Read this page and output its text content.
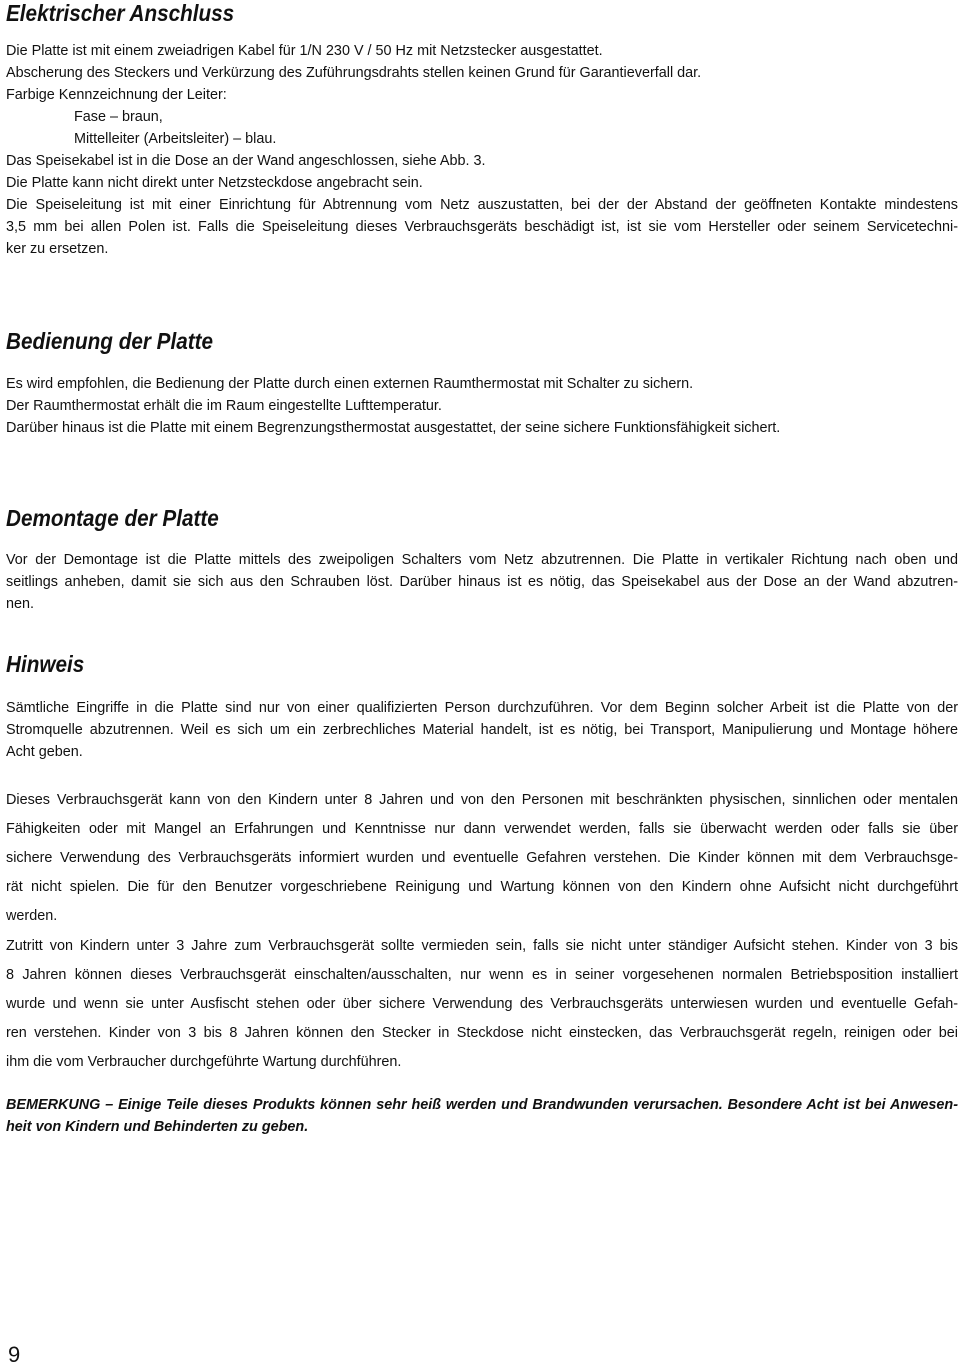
Elektrischer Anschluss
Die Platte ist mit einem zweiadrigen Kabel für 1/N 230 V / 50 Hz mit Netzstecker ausgestattet.
Abscherung des Steckers und Verkürzung des Zuführungsdrahts stellen keinen Grund für Garantieverfall dar.
Farbige Kennzeichnung der Leiter:
Fase – braun,
Mittelleiter (Arbeitsleiter) – blau.
Das Speisekabel ist in die Dose an der Wand angeschlossen, siehe Abb. 3.
Die Platte kann nicht direkt unter Netzsteckdose angebracht sein.
Die Speiseleitung ist mit einer Einrichtung für Abtrennung vom Netz auszustatten, bei der der Abstand der geöffneten Kontakte mindestens
3,5 mm bei allen Polen ist. Falls die Speiseleitung dieses Verbrauchsgeräts beschädigt ist, ist sie vom Hersteller oder seinem Servicetechni-
ker zu ersetzen.
Bedienung der Platte
Es wird empfohlen, die Bedienung der Platte durch einen externen Raumthermostat mit Schalter zu sichern.
Der Raumthermostat erhält die im Raum eingestellte Lufttemperatur.
Darüber hinaus ist die Platte mit einem Begrenzungsthermostat ausgestattet, der seine sichere Funktionsfähigkeit sichert.
Demontage der Platte
Vor der Demontage ist die Platte mittels des zweipoligen Schalters vom Netz abzutrennen. Die Platte in vertikaler Richtung nach oben und
seitlings anheben, damit sie sich aus den Schrauben löst. Darüber hinaus ist es nötig, das Speisekabel aus der Dose an der Wand abzutren-
nen.
Hinweis
Sämtliche Eingriffe in die Platte sind nur von einer qualifizierten Person durchzuführen. Vor dem Beginn solcher Arbeit ist die Platte von der
Stromquelle abzutrennen. Weil es sich um ein zerbrechliches Material handelt, ist es nötig, bei Transport, Manipulierung und Montage höhere
Acht geben.
Dieses Verbrauchsgerät kann von den Kindern unter 8 Jahren und von den Personen mit beschränkten physischen, sinnlichen oder mentalen
Fähigkeiten oder mit Mangel an Erfahrungen und Kenntnisse nur dann verwendet werden, falls sie überwacht werden oder falls sie über
sichere Verwendung des Verbrauchsgeräts informiert wurden und eventuelle Gefahren verstehen. Die Kinder können mit dem Verbrauchsge-
rät nicht spielen. Die für den Benutzer vorgeschriebene Reinigung und Wartung können von den Kindern ohne Aufsicht nicht durchgeführt
werden.
Zutritt von Kindern unter 3 Jahre zum Verbrauchsgerät sollte vermieden sein, falls sie nicht unter ständiger Aufsicht stehen. Kinder von 3 bis
8 Jahren können dieses Verbrauchsgerät einschalten/ausschalten, nur wenn es in seiner vorgesehenen normalen Betriebsposition installiert
wurde und wenn sie unter Ausfischt stehen oder über sichere Verwendung des Verbrauchsgeräts unterwiesen wurden und eventuelle Gefah-
ren verstehen. Kinder von 3 bis 8 Jahren können den Stecker in Steckdose nicht einstecken, das Verbrauchsgerät regeln, reinigen oder bei
ihm die vom Verbraucher durchgeführte Wartung durchführen.
BEMERKUNG – Einige Teile dieses Produkts können sehr heiß werden und Brandwunden verursachen. Besondere Acht ist bei Anwesen-
heit von Kindern und Behinderten zu geben.
9
